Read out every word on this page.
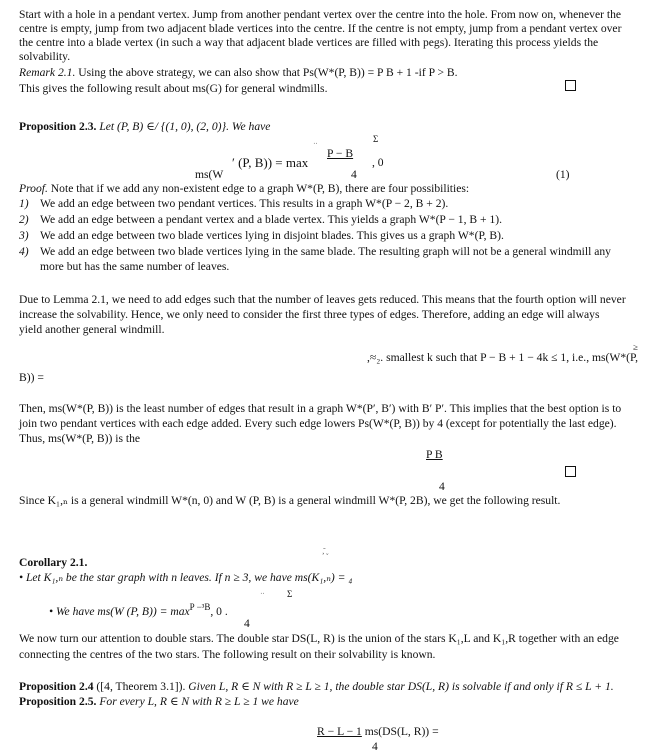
Start with a hole in a pendant vertex. Jump from another pendant vertex over the centre into the hole. From now on, whenever the
centre is empty, jump from two adjacent blade vertices into the centre. If the centre is not empty, jump from a pendant vertex over
the centre into a blade vertex (in such a way that adjacent blade vertices are filled with pegs). Iterating this process yields the
solvability.
Remark 2.1. Using the above strategy, we can also show that Ps(W*(P, B)) = P B + 1 -if P > B.
This gives the following result about ms(G) for general windmills.
Proposition 2.3. Let (P, B) ∈/ {(1, 0), (2, 0)}. We have
ˈˈ
Σ
P − B
, 0
′ (P, B)) = max
4
ms(W	(1)
Proof. Note that if we add any non-existent edge to a graph W*(P, B), there are four possibilities:
1) We add an edge between two pendant vertices. This results in a graph W*(P − 2, B + 2).
2) We add an edge between a pendant vertex and a blade vertex. This yields a graph W*(P − 1, B + 1).
3) We add an edge between two blade vertices lying in disjoint blades. This gives us a graph W*(P, B).
4) We add an edge between two blade vertices lying in the same blade. The resulting graph will not be a general windmill any
more but has the same number of leaves.
Due to Lemma 2.1, we need to add edges such that the number of leaves gets reduced. This means that the fourth option will never
increase the solvability. Hence, we only need to consider the first three types of edges. Therefore, adding an edge will always
yield another general windmill.
≥
,≈₂. smallest k such that P − B + 1 − 4k ≤ 1, i.e., ms(W*(P,
B)) =
Then, ms(W*(P, B)) is the least number of edges that result in a graph W*(P′, B′) with B′ P′. This implies that the best option is to
join two pendant vertices with each edge added. Every such edge lowers Ps(W*(P, B)) by 4 (except for potentially the last edge).
Thus, ms(W*(P, B)) is the
P B
4
Since K₁,ₙ is a general windmill W*(n, 0) and W (P, B) is a general windmill W*(P, 2B), we get the following result.
¸̄ ˬ
Corollary 2.1.
• Let K₁,ₙ be the star graph with n leaves. If n ≥ 3, we have ms(K₁,ₙ) = ₄
ˈˈ Σ
• We have ms(W (P, $B)) = \max^{P -^3B}$, 0 .
4
We now turn our attention to double stars. The double star DS(L, R) is the union of the stars K₁,L and K₁,R together with an edge
connecting the centres of the two stars. The following result on their solvability is known.
Proposition 2.4 ([4, Theorem 3.1]). Given L, R ∈ N with R ≥ L ≥ 1, the double star DS(L, R) is solvable if and only if R ≤ L + 1.
Proposition 2.5. For every L, R ∈ N with R ≥ L ≥ 1 we have
R − L − 1 ms(DS(L, R)) =
4
